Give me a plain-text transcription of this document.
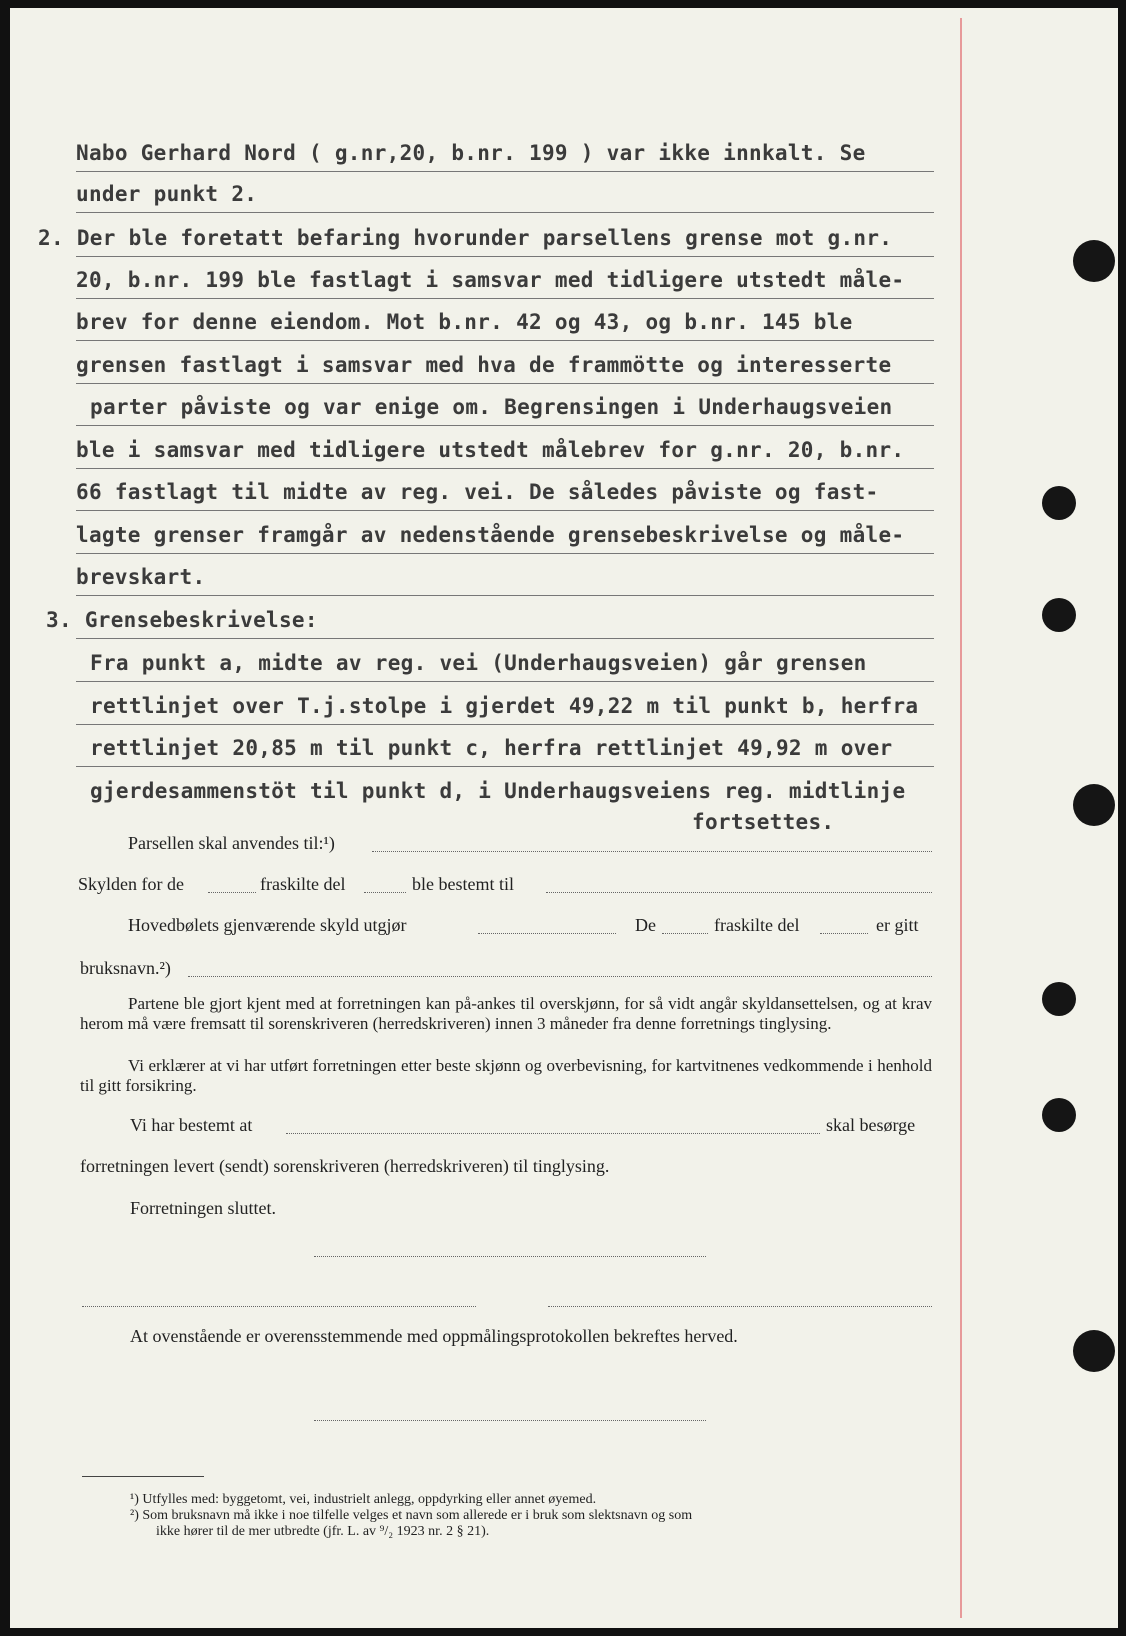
Nabo Gerhard Nord ( g.nr,20, b.nr. 199 ) var ikke innkalt. Se
under punkt 2.
2. Der ble foretatt befaring hvorunder parsellens grense mot g.nr.
20, b.nr. 199 ble fastlagt i samsvar med tidligere utstedt måle-
brev for denne eiendom. Mot b.nr. 42 og 43, og b.nr. 145 ble
grensen fastlagt i samsvar med hva de frammötte og interesserte
parter påviste og var enige om. Begrensingen i Underhaugsveien
ble i samsvar med tidligere utstedt målebrev for g.nr. 20, b.nr.
66 fastlagt til midte av reg. vei. De således påviste og fast-
lagte grenser framgår av nedenstående grensebeskrivelse og måle-
brevskart.
3. Grensebeskrivelse:
Fra punkt a, midte av reg. vei (Underhaugsveien) går grensen
rettlinjet over T.j.stolpe i gjerdet 49,22 m til punkt b, herfra
rettlinjet 20,85 m til punkt c, herfra rettlinjet 49,92 m over
gjerdesammenstöt til punkt d, i Underhaugsveiens reg. midtlinje
fortsettes.
Parsellen skal anvendes til:¹)
Skylden for de	fraskilte del	ble bestemt til
Hovedbølets gjenværende skyld utgjør	De	fraskilte del	er gitt
bruksnavn.²)

Partene ble gjort kjent med at forretningen kan på-ankes til overskjønn, for så vidt angår skyldansettelsen, og at krav herom må være fremsatt til sorenskriveren (herredskriveren) innen 3 måneder fra denne forretnings tinglysing.

Vi erklærer at vi har utført forretningen etter beste skjønn og overbevisning, for kartvitnenes vedkommende i henhold til gitt forsikring.

Vi har bestemt at	skal besørge
forretningen levert (sendt) sorenskriveren (herredskriveren) til tinglysing.
Forretningen sluttet.
At ovenstående er overensstemmende med oppmålingsprotokollen bekreftes herved.

¹) Utfylles med: byggetomt, vei, industrielt anlegg, oppdyrking eller annet øyemed.

²) Som bruksnavn må ikke i noe tilfelle velges et navn som allerede er i bruk som slektsnavn og som

ikke hører til de mer utbredte (jfr. L. av ⁹/₂ 1923 nr. 2 § 21).
